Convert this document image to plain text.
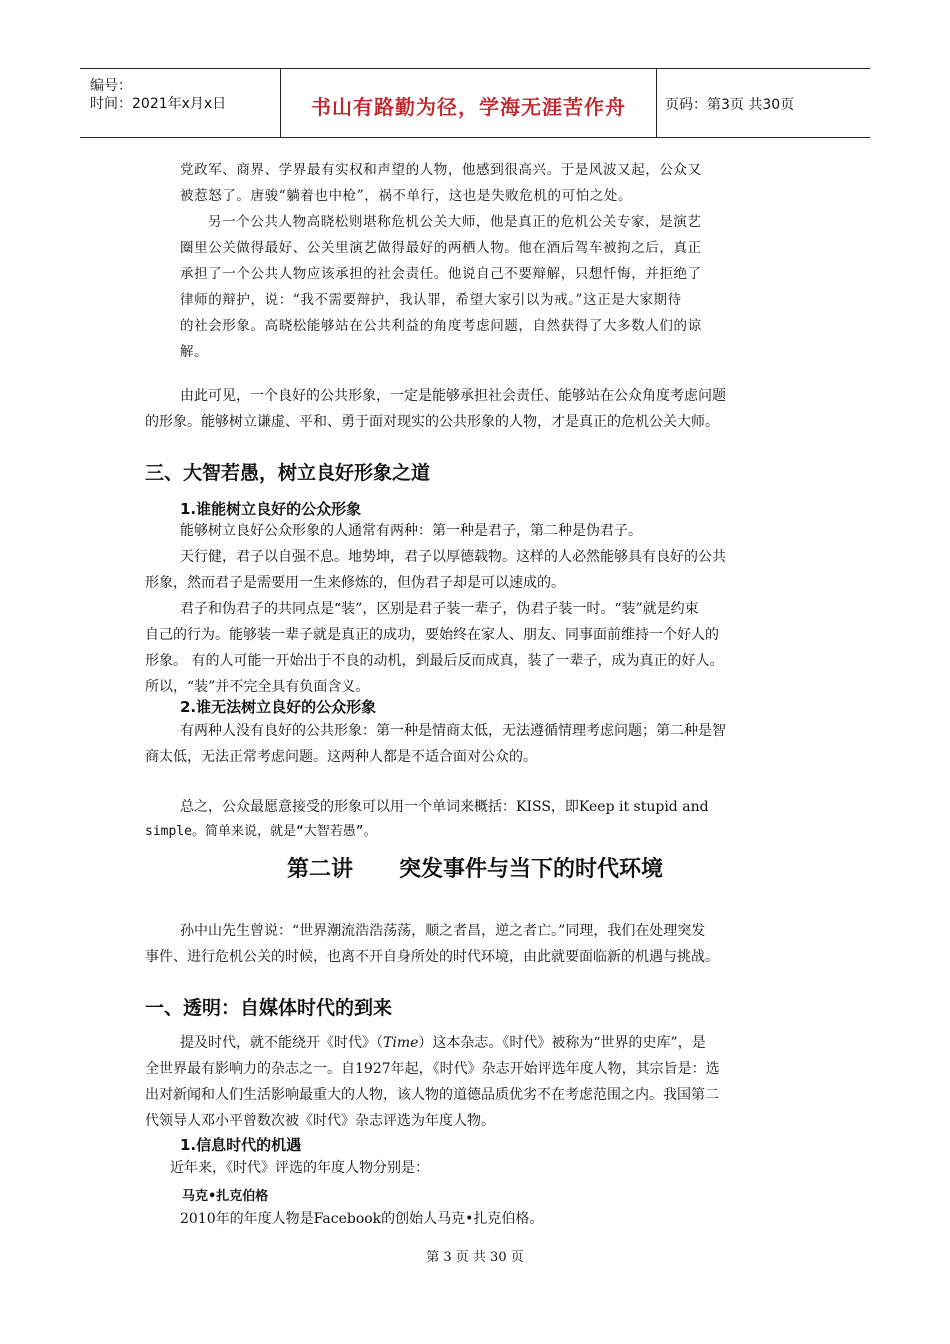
编号：
时间：2021年x月x日	书山有路勤为径，学海无涯苦作舟	页码：第3页 共30页
党政军、商界、学界最有实权和声望的人物，他感到很高兴。于是风波又起，公众又
被惹怒了。唐骏“躺着也中枪”，祸不单行，这也是失败危机的可怕之处。
另一个公共人物高晓松则堪称危机公关大师，他是真正的危机公关专家，是演艺
圈里公关做得最好、公关里演艺做得最好的两栖人物。他在酒后驾车被拘之后，真正
承担了一个公共人物应该承担的社会责任。他说自己不要辩解，只想忏悔，并拒绝了
律师的辩护，说：“我不需要辩护，我认罪，希望大家引以为戒。”这正是大家期待
的社会形象。高晓松能够站在公共利益的角度考虑问题，自然获得了大多数人们的谅
解。
由此可见，一个良好的公共形象，一定是能够承担社会责任、能够站在公众角度考虑问题
的形象。能够树立谦虚、平和、勇于面对现实的公共形象的人物，才是真正的危机公关大师。
三、大智若愚，树立良好形象之道
1.谁能树立良好的公众形象
能够树立良好公众形象的人通常有两种：第一种是君子，第二种是伪君子。
天行健，君子以自强不息。地势坤，君子以厚德载物。这样的人必然能够具有良好的公共
形象，然而君子是需要用一生来修炼的，但伪君子却是可以速成的。
君子和伪君子的共同点是“装”，区别是君子装一辈子，伪君子装一时。“装”就是约束
自己的行为。能够装一辈子就是真正的成功，要始终在家人、朋友、同事面前维持一个好人的
形象。 有的人可能一开始出于不良的动机，到最后反而成真，装了一辈子，成为真正的好人。
所以，“装”并不完全具有负面含义。
2.谁无法树立良好的公众形象
有两种人没有良好的公共形象：第一种是情商太低，无法遵循情理考虑问题；第二种是智
商太低，无法正常考虑问题。这两种人都是不适合面对公众的。
总之，公众最愿意接受的形象可以用一个单词来概括：KISS，即Keep it stupid and
simple。简单来说，就是“大智若愚”。
第二讲      突发事件与当下的时代环境
孙中山先生曾说：“世界潮流浩浩荡荡，顺之者昌，逆之者亡。”同理，我们在处理突发
事件、进行危机公关的时候，也离不开自身所处的时代环境，由此就要面临新的机遇与挑战。
一、透明：自媒体时代的到来
提及时代，就不能绕开《时代》（Time）这本杂志。《时代》被称为“世界的史库”，是
全世界最有影响力的杂志之一。自1927年起，《时代》杂志开始评选年度人物，其宗旨是：选
出对新闻和人们生活影响最重大的人物，该人物的道德品质优劣不在考虑范围之内。我国第二
代领导人邓小平曾数次被《时代》杂志评选为年度人物。
1.信息时代的机遇
近年来，《时代》评选的年度人物分别是：
马克•扎克伯格
2010年的年度人物是Facebook的创始人马克•扎克伯格。
第 3 页 共 30 页
